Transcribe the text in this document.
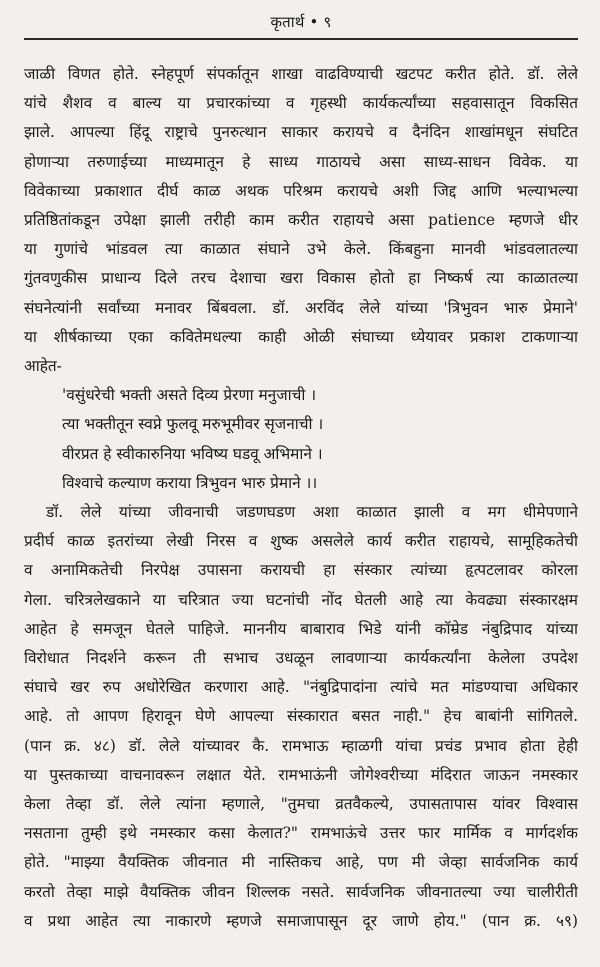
कृतार्थ • ९
जाळी विणत होते. स्नेहपूर्ण संपर्कातून शाखा वाढविण्याची खटपट करीत होते. डॉ. लेले
यांचे शैशव व बाल्य या प्रचारकांच्या व गृहस्थी कार्यकर्त्यांच्या सहवासातून विकसित
झाले. आपल्या हिंदू राष्ट्राचे पुनरुत्थान साकार करायचे व दैनंदिन शाखांमधून संघटित
होणाऱ्या तरुणाईच्या माध्यमातून हे साध्य गाठायचे असा साध्य-साधन विवेक. या
विवेकाच्या प्रकाशात दीर्घ काळ अथक परिश्रम करायचे अशी जिद्द आणि भल्याभल्या
प्रतिष्ठितांकडून उपेक्षा झाली तरीही काम करीत राहायचे असा patience म्हणजे धीर
या गुणांचे भांडवल त्या काळात संघाने उभे केले. किंबहुना मानवी भांडवलातल्या
गुंतवणुकीस प्राधान्य दिले तरच देशाचा खरा विकास होतो हा निष्कर्ष त्या काळातल्या
संघनेत्यांनी सर्वांच्या मनावर बिंबवला. डॉ. अरविंद लेले यांच्या 'त्रिभुवन भारु प्रेमाने'
या शीर्षकाच्या एका कवितेमधल्या काही ओळी संघाच्या ध्येयावर प्रकाश टाकणाऱ्या
आहेत-
'वसुंधरेची भक्ती असते दिव्य प्रेरणा मनुजाची ।
त्या भक्तीतून स्वप्ने फुलवू मरुभूमीवर सृजनाची ।
वीरप्रत हे स्वीकारुनिया भविष्य घडवू अभिमाने ।
विश्वाचे कल्याण कराया त्रिभुवन भारु प्रेमाने ।।
डॉ. लेले यांच्या जीवनाची जडणघडण अशा काळात झाली व मग धीमेपणाने
प्रदीर्घ काळ इतरांच्या लेखी निरस व शुष्क असलेले कार्य करीत राहायचे, सामूहिकतेची
व अनामिकतेची निरपेक्ष उपासना करायची हा संस्कार त्यांच्या हृत्पटलावर कोरला
गेला. चरित्रलेखकाने या चरित्रात ज्या घटनांची नोंद घेतली आहे त्या केवढ्या संस्कारक्षम
आहेत हे समजून घेतले पाहिजे. माननीय बाबाराव भिडे यांनी कॉम्रेड नंबुद्रिपाद यांच्या
विरोधात निदर्शने करून ती सभाच उधळून लावणाऱ्या कार्यकर्त्यांना केलेला उपदेश
संघाचे खर रुप अधोरेखित करणारा आहे. "नंबुद्रिपादांना त्यांचे मत मांडण्याचा अधिकार
आहे. तो आपण हिरावून घेणे आपल्या संस्कारात बसत नाही." हेच बाबांनी सांगितले.
(पान क्र. ४८) डॉ. लेले यांच्यावर कै. रामभाऊ म्हाळगी यांचा प्रचंड प्रभाव होता हेही
या पुस्तकाच्या वाचनावरून लक्षात येते. रामभाऊंनी जोगेश्वरीच्या मंदिरात जाऊन नमस्कार
केला तेव्हा डॉ. लेले त्यांना म्हणाले, "तुमचा व्रतवैकल्ये, उपासतापास यांवर विश्वास
नसताना तुम्ही इथे नमस्कार कसा केलात?" रामभाऊंचे उत्तर फार मार्मिक व मार्गदर्शक
होते. "माझ्या वैयक्तिक जीवनात मी नास्तिकच आहे, पण मी जेव्हा सार्वजनिक कार्य
करतो तेव्हा माझे वैयक्तिक जीवन शिल्लक नसते. सार्वजनिक जीवनातल्या ज्या चालीरीती
व प्रथा आहेत त्या नाकारणे म्हणजे समाजापासून दूर जाणे होय." (पान क्र. ५९)
